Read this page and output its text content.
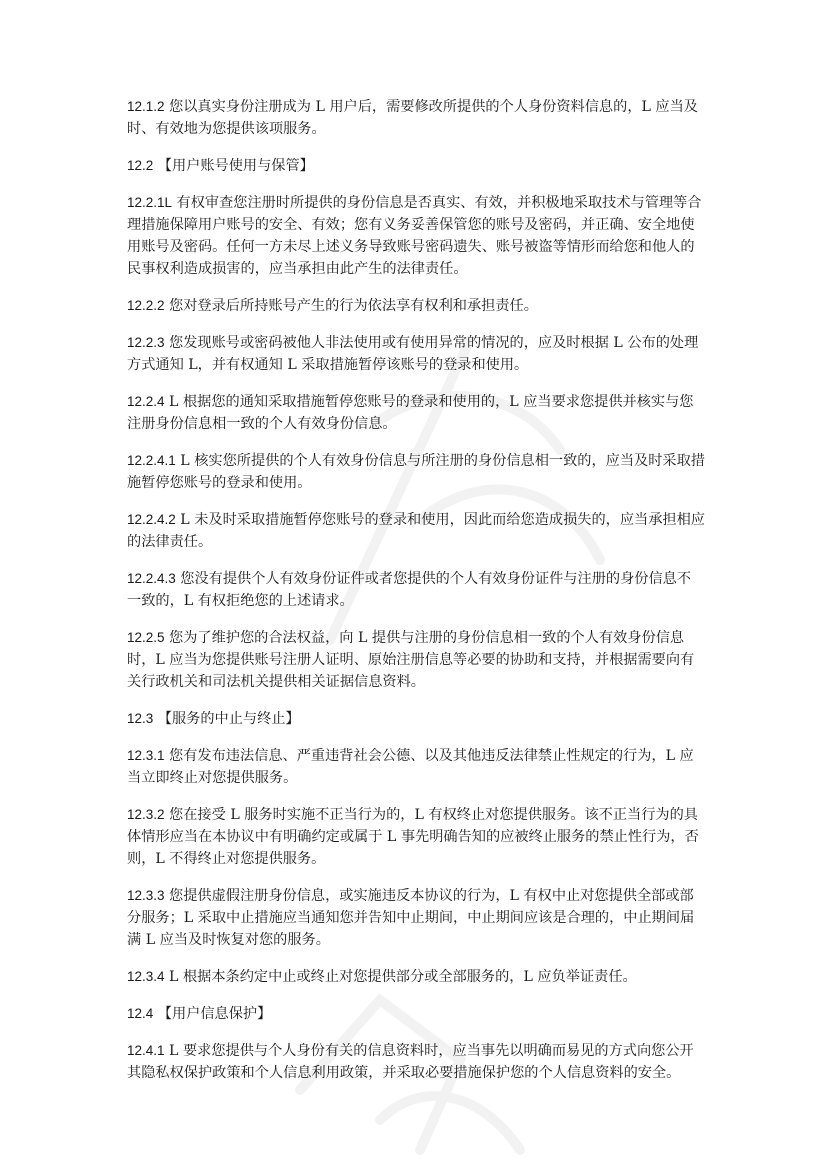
12.1.2 您以真实身份注册成为 L 用户后，需要修改所提供的个人身份资料信息的，L 应当及时、有效地为您提供该项服务。

12.2 【用户账号使用与保管】

12.2.1L 有权审查您注册时所提供的身份信息是否真实、有效，并积极地采取技术与管理等合理措施保障用户账号的安全、有效；您有义务妥善保管您的账号及密码，并正确、安全地使用账号及密码。任何一方未尽上述义务导致账号密码遗失、账号被盗等情形而给您和他人的民事权利造成损害的，应当承担由此产生的法律责任。

12.2.2 您对登录后所持账号产生的行为依法享有权利和承担责任。

12.2.3 您发现账号或密码被他人非法使用或有使用异常的情况的，应及时根据 L 公布的处理方式通知 L，并有权通知 L 采取措施暂停该账号的登录和使用。

12.2.4 L 根据您的通知采取措施暂停您账号的登录和使用的，L 应当要求您提供并核实与您注册身份信息相一致的个人有效身份信息。

12.2.4.1 L 核实您所提供的个人有效身份信息与所注册的身份信息相一致的，应当及时采取措施暂停您账号的登录和使用。

12.2.4.2 L 未及时采取措施暂停您账号的登录和使用，因此而给您造成损失的，应当承担相应的法律责任。

12.2.4.3 您没有提供个人有效身份证件或者您提供的个人有效身份证件与注册的身份信息不一致的，L 有权拒绝您的上述请求。

12.2.5 您为了维护您的合法权益，向 L 提供与注册的身份信息相一致的个人有效身份信息时，L 应当为您提供账号注册人证明、原始注册信息等必要的协助和支持，并根据需要向有关行政机关和司法机关提供相关证据信息资料。

12.3 【服务的中止与终止】

12.3.1 您有发布违法信息、严重违背社会公德、以及其他违反法律禁止性规定的行为，L 应当立即终止对您提供服务。

12.3.2 您在接受 L 服务时实施不正当行为的，L 有权终止对您提供服务。该不正当行为的具体情形应当在本协议中有明确约定或属于 L 事先明确告知的应被终止服务的禁止性行为，否则，L 不得终止对您提供服务。

12.3.3 您提供虚假注册身份信息，或实施违反本协议的行为，L 有权中止对您提供全部或部分服务；L 采取中止措施应当通知您并告知中止期间，中止期间应该是合理的，中止期间届满 L 应当及时恢复对您的服务。

12.3.4 L 根据本条约定中止或终止对您提供部分或全部服务的，L 应负举证责任。

12.4 【用户信息保护】

12.4.1 L 要求您提供与个人身份有关的信息资料时，应当事先以明确而易见的方式向您公开其隐私权保护政策和个人信息利用政策，并采取必要措施保护您的个人信息资料的安全。
